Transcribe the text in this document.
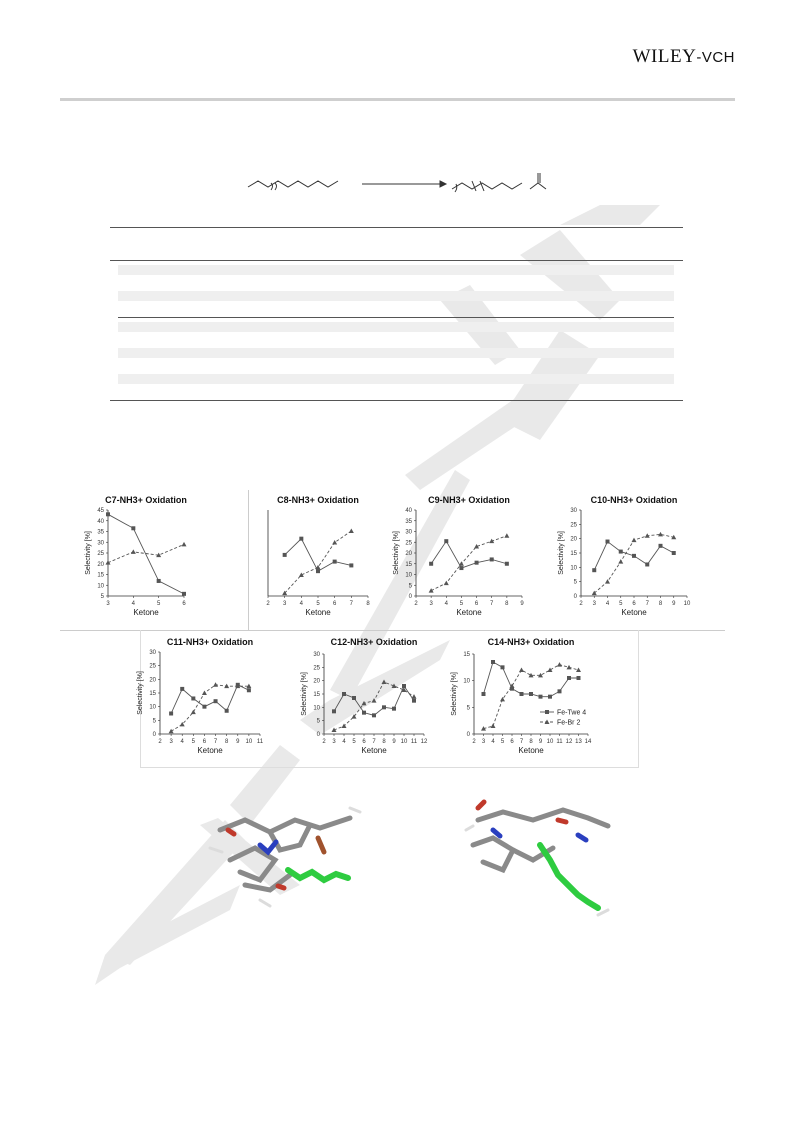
WILEY-VCH
C7-NH3+ Oxidation
3	4	5	6
5
10
15
20
25
30
35
40
45
Ketone
Selectivity [%]
C8-NH3+ Oxidation
2 3 4 5 6 7 8
Ketone
C9-NH3+ Oxidation
2 3 4 5 6 7 8 9
0
5
10
15
20
25
30
35
40
Ketone
Selectivity [%]
C10-NH3+ Oxidation
2 3 4 5 6 7 8 9 10
0
5
10
15
20
25
30
Ketone
Selectivity [%]
C11-NH3+ Oxidation
2 3 4 5 6 7 8 9 10 11
0
5
10
15
20
25
30
Ketone
Selectivity [%]
C12-NH3+ Oxidation
2 3 4 5 6 7 8 9 10 11 12
0
5
10
15
20
25
30
Ketone
Selectivity [%]
C14-NH3+ Oxidation
2 3 4 5 6 7 8 9 10 11 12 13 14
0
5
10
15
Ketone
Selectivity [%]	Fe-Twe 4
Fe-Br 2
